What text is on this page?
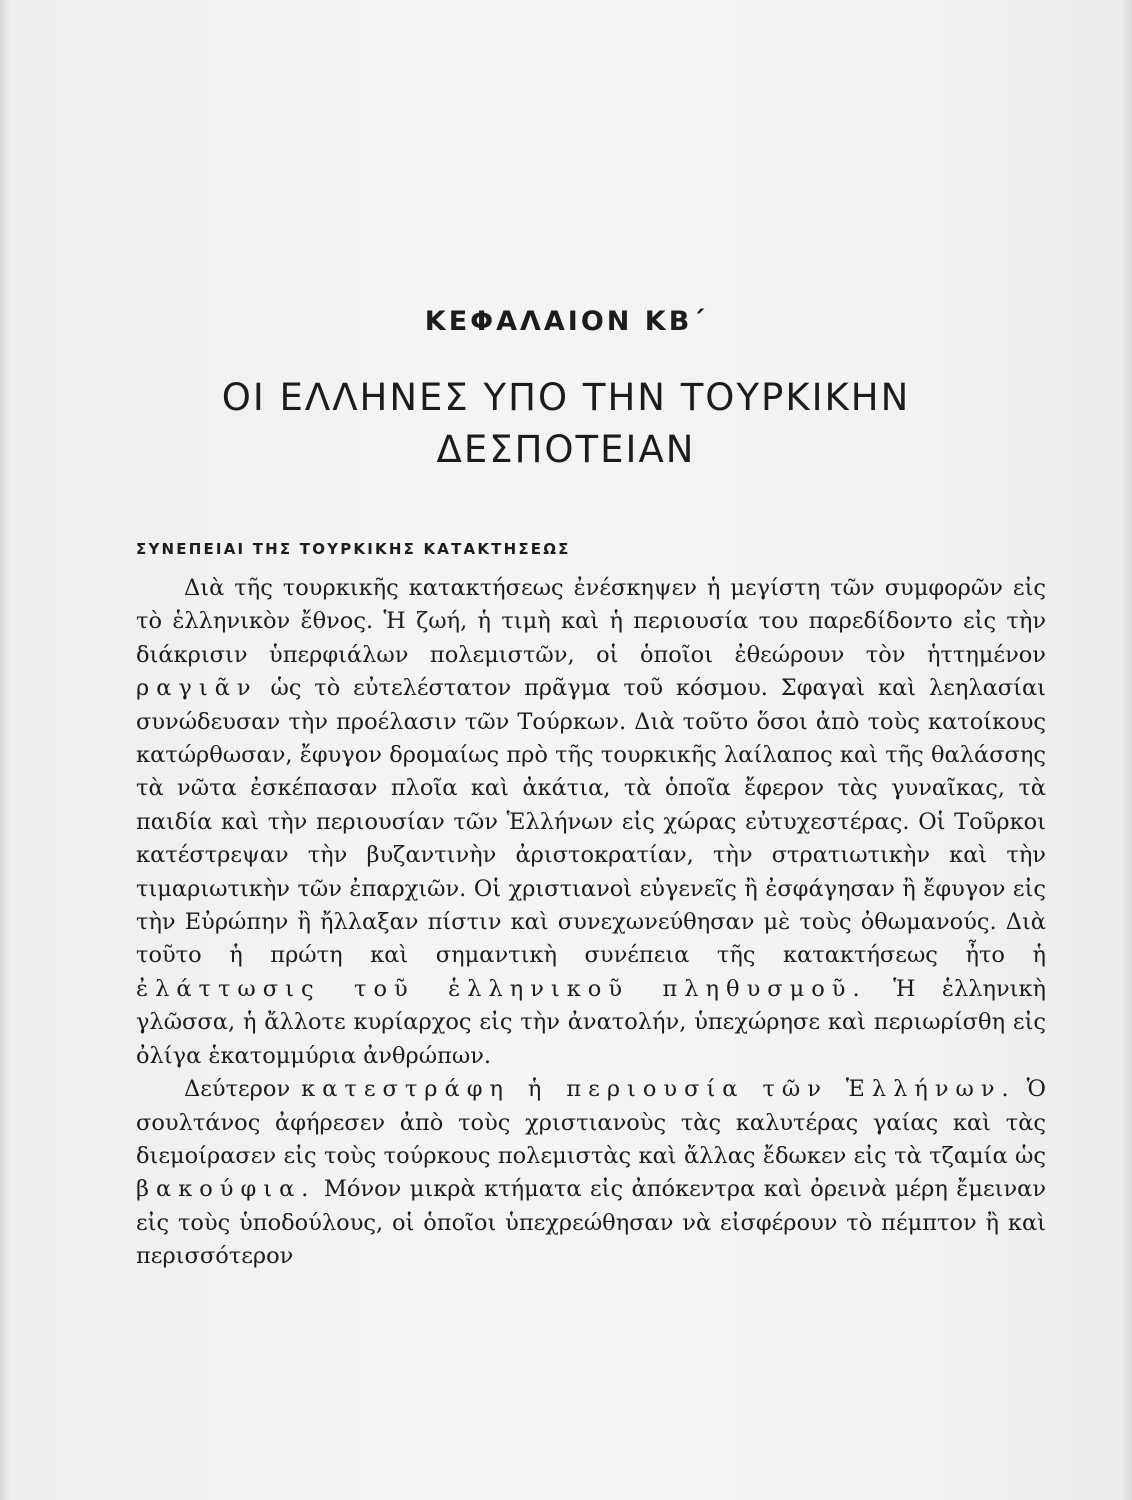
ΚΕΦΑΛΑΙΟΝ ΚΒ΄
ΟΙ ΕΛΛΗΝΕΣ ΥΠΟ ΤΗΝ ΤΟΥΡΚΙΚΗΝ
ΔΕΣΠΟΤΕΙΑΝ
ΣΥΝΕΠΕΙΑΙ ΤΗΣ ΤΟΥΡΚΙΚΗΣ ΚΑΤΑΚΤΗΣΕΩΣ

Διὰ τῆς τουρκικῆς κατακτήσεως ἐνέσκηψεν ἡ μεγίστη τῶν συμφορῶν εἰς τὸ ἑλληνικὸν ἔθνος. Ἡ ζωή, ἡ τιμὴ καὶ ἡ περιουσία του παρεδίδοντο εἰς τὴν διάκρισιν ὑπερφιάλων πολεμιστῶν, οἱ ὁποῖοι ἐθεώρουν τὸν ἡττημένον ραγιᾶν ὡς τὸ εὐτελέστατον πρᾶγμα τοῦ κόσμου. Σφαγαὶ καὶ λεηλασίαι συνώδευσαν τὴν προέλασιν τῶν Τούρκων. Διὰ τοῦτο ὅσοι ἀπὸ τοὺς κατοίκους κατώρθωσαν, ἔφυγον δρομαίως πρὸ τῆς τουρκικῆς λαίλαπος καὶ τῆς θαλάσσης τὰ νῶτα ἐσκέπασαν πλοῖα καὶ ἀκάτια, τὰ ὁποῖα ἔφερον τὰς γυναῖκας, τὰ παιδία καὶ τὴν περιουσίαν τῶν Ἑλλήνων εἰς χώρας εὐτυχεστέρας. Οἱ Τοῦρκοι κατέστρεψαν τὴν βυζαντινὴν ἀριστοκρατίαν, τὴν στρατιωτικὴν καὶ τὴν τιμαριωτικὴν τῶν ἐπαρχιῶν. Οἱ χριστιανοὶ εὐγενεῖς ἢ ἐσφάγησαν ἢ ἔφυγον εἰς τὴν Εὐρώπην ἢ ἤλλαξαν πίστιν καὶ συνεχωνεύθησαν μὲ τοὺς ὀθωμανούς. Διὰ τοῦτο ἡ πρώτη καὶ σημαντικὴ συνέπεια τῆς κατακτήσεως ἦτο ἡ ἐλάττωσις τοῦ ἑλληνικοῦ πληθυσμοῦ. Ἡ ἑλληνικὴ γλῶσσα, ἡ ἄλλοτε κυρίαρχος εἰς τὴν ἀνατολήν, ὑπεχώρησε καὶ περιωρίσθη εἰς ὀλίγα ἑκατομμύρια ἀνθρώπων.

Δεύτερον κατεστράφη ἡ περιουσία τῶν Ἑλλήνων. Ὁ σουλτάνος ἀφήρεσεν ἀπὸ τοὺς χριστιανοὺς τὰς καλυτέρας γαίας καὶ τὰς διεμοίρασεν εἰς τοὺς τούρκους πολεμιστὰς καὶ ἄλλας ἔδωκεν εἰς τὰ τζαμία ὡς βακούφια. Μόνον μικρὰ κτήματα εἰς ἀπόκεντρα καὶ ὀρεινὰ μέρη ἔμειναν εἰς τοὺς ὑποδούλους, οἱ ὁποῖοι ὑπεχρεώθησαν νὰ εἰσφέρουν τὸ πέμπτον ἢ καὶ περισσότερον
